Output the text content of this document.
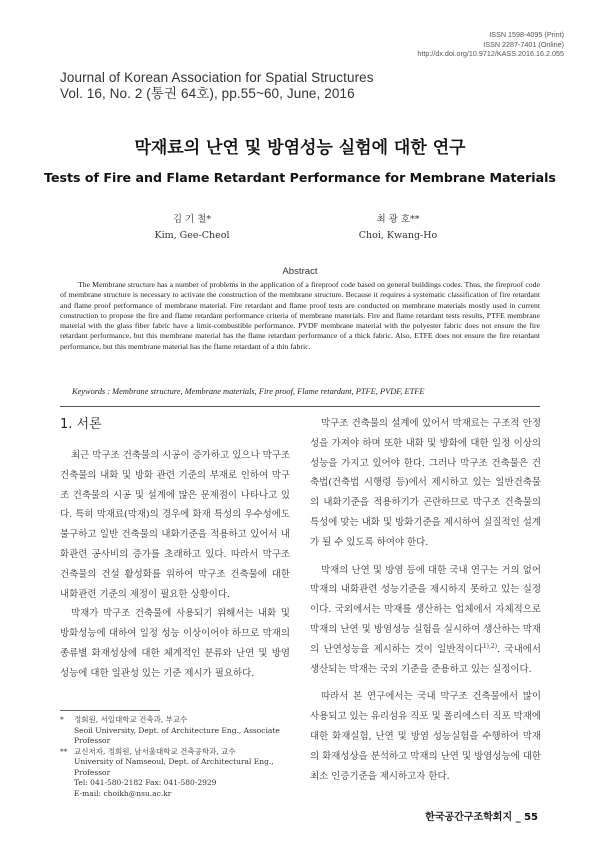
ISSN 1598-4095 (Print)
ISSN 2287-7401 (Online)
http://dx.doi.org/10.9712/KASS.2016.16.2.055
Journal of Korean Association for Spatial Structures
Vol. 16, No. 2 (통권 64호), pp.55~60, June, 2016
막재료의 난연 및 방염성능 실험에 대한 연구
Tests of Fire and Flame Retardant Performance for Membrane Materials
김 기 철*
Kim, Gee-Cheol
최 광 호**
Choi, Kwang-Ho
Abstract
The Membrane structure has a number of problems in the application of a fireproof code based on general buildings codes. Thus, the fireproof code of membrane structure is necessary to activate the construction of the membrane structure. Because it requires a systematic classification of fire retardant and flame proof performance of membrane material. Fire retardant and flame proof tests are conducted on membrane materials mostly used in current construction to propose the fire and flame retardant performance criteria of membrane materials. Fire and flame retardant tests results, PTFE membrane material with the glass fiber fabric have a limit-combustible performance. PVDF membrane material with the polyester fabric does not ensure the fire retardant performance, but this membrane material has the flame retardant performance of a thick fabric. Also, ETFE does not ensure the fire retardant performance, but this membrane material has the flame retardant of a thin fabric.
Keywords : Membrane structure, Membrane materials, Fire proof, Flame retardant, PTFE, PVDF, ETFE
1. 서론

최근 막구조 건축물의 시공이 증가하고 있으나 막구조 건축물의 내화 및 방화 관련 기준의 부재로 인하여 막구조 건축물의 시공 및 설계에 많은 문제점이 나타나고 있다. 특히 막재료(막재)의 경우에 화재 특성의 우수성에도 불구하고 일반 건축물의 내화기준을 적용하고 있어서 내화관련 공사비의 증가를 초래하고 있다. 따라서 막구조 건축물의 건설 활성화를 위하여 막구조 건축물에 대한 내화관련 기준의 제정이 필요한 상황이다.

막재가 막구조 건축물에 사용되기 위해서는 내화 및 방화성능에 대하여 일정 성능 이상이어야 하므로 막재의 종류별 화재성상에 대한 체계적인 분류와 난연 및 방염성능에 대한 일관성 있는 기준 제시가 필요하다.

막구조 건축물의 설계에 있어서 막재료는 구조적 안정성을 가져야 하며 또한 내화 및 방화에 대한 일정 이상의 성능을 가지고 있어야 한다. 그러나 막구조 건축물은 건축법(건축법 시행령 등)에서 제시하고 있는 일반건축물의 내화기준을 적용하기가 곤란하므로 막구조 건축물의 특성에 맞는 내화 및 방화기준을 제시하여 실질적인 설계가 될 수 있도록 하여야 한다.

막재의 난연 및 방염 등에 대한 국내 연구는 거의 없어 막재의 내화관련 성능기준을 제시하지 못하고 있는 실정이다. 국외에서는 막재를 생산하는 업체에서 자체적으로 막재의 난연 및 방염성능 실험을 실시하여 생산하는 막재의 난연성능을 제시하는 것이 일반적이다$^{1),2)}$. 국내에서 생산되는 막재는 국외 기준을 준용하고 있는 실정이다.

따라서 본 연구에서는 국내 막구조 건축물에서 많이 사용되고 있는 유리섬유 직포 및 폴리에스터 직포 막재에 대한 화재실험, 난연 및 방염 성능실험을 수행하여 막재의 화재성상을 분석하고 막재의 난연 및 방염성능에 대한 최소 인증기준을 제시하고자 한다.

*	정회원, 서일대학교 건축과, 부교수
Seoil University, Dept. of Architecture Eng., Associate Professor
** 교신저자, 정회원, 남서울대학교 건축공학과, 교수
University of Namseoul, Dept. of Architectural Eng., Professor
Tel: 041-580-2182 Fax: 041-580-2929
E-mail: choikh@nsu.ac.kr
한국공간구조학회지 _ 55
